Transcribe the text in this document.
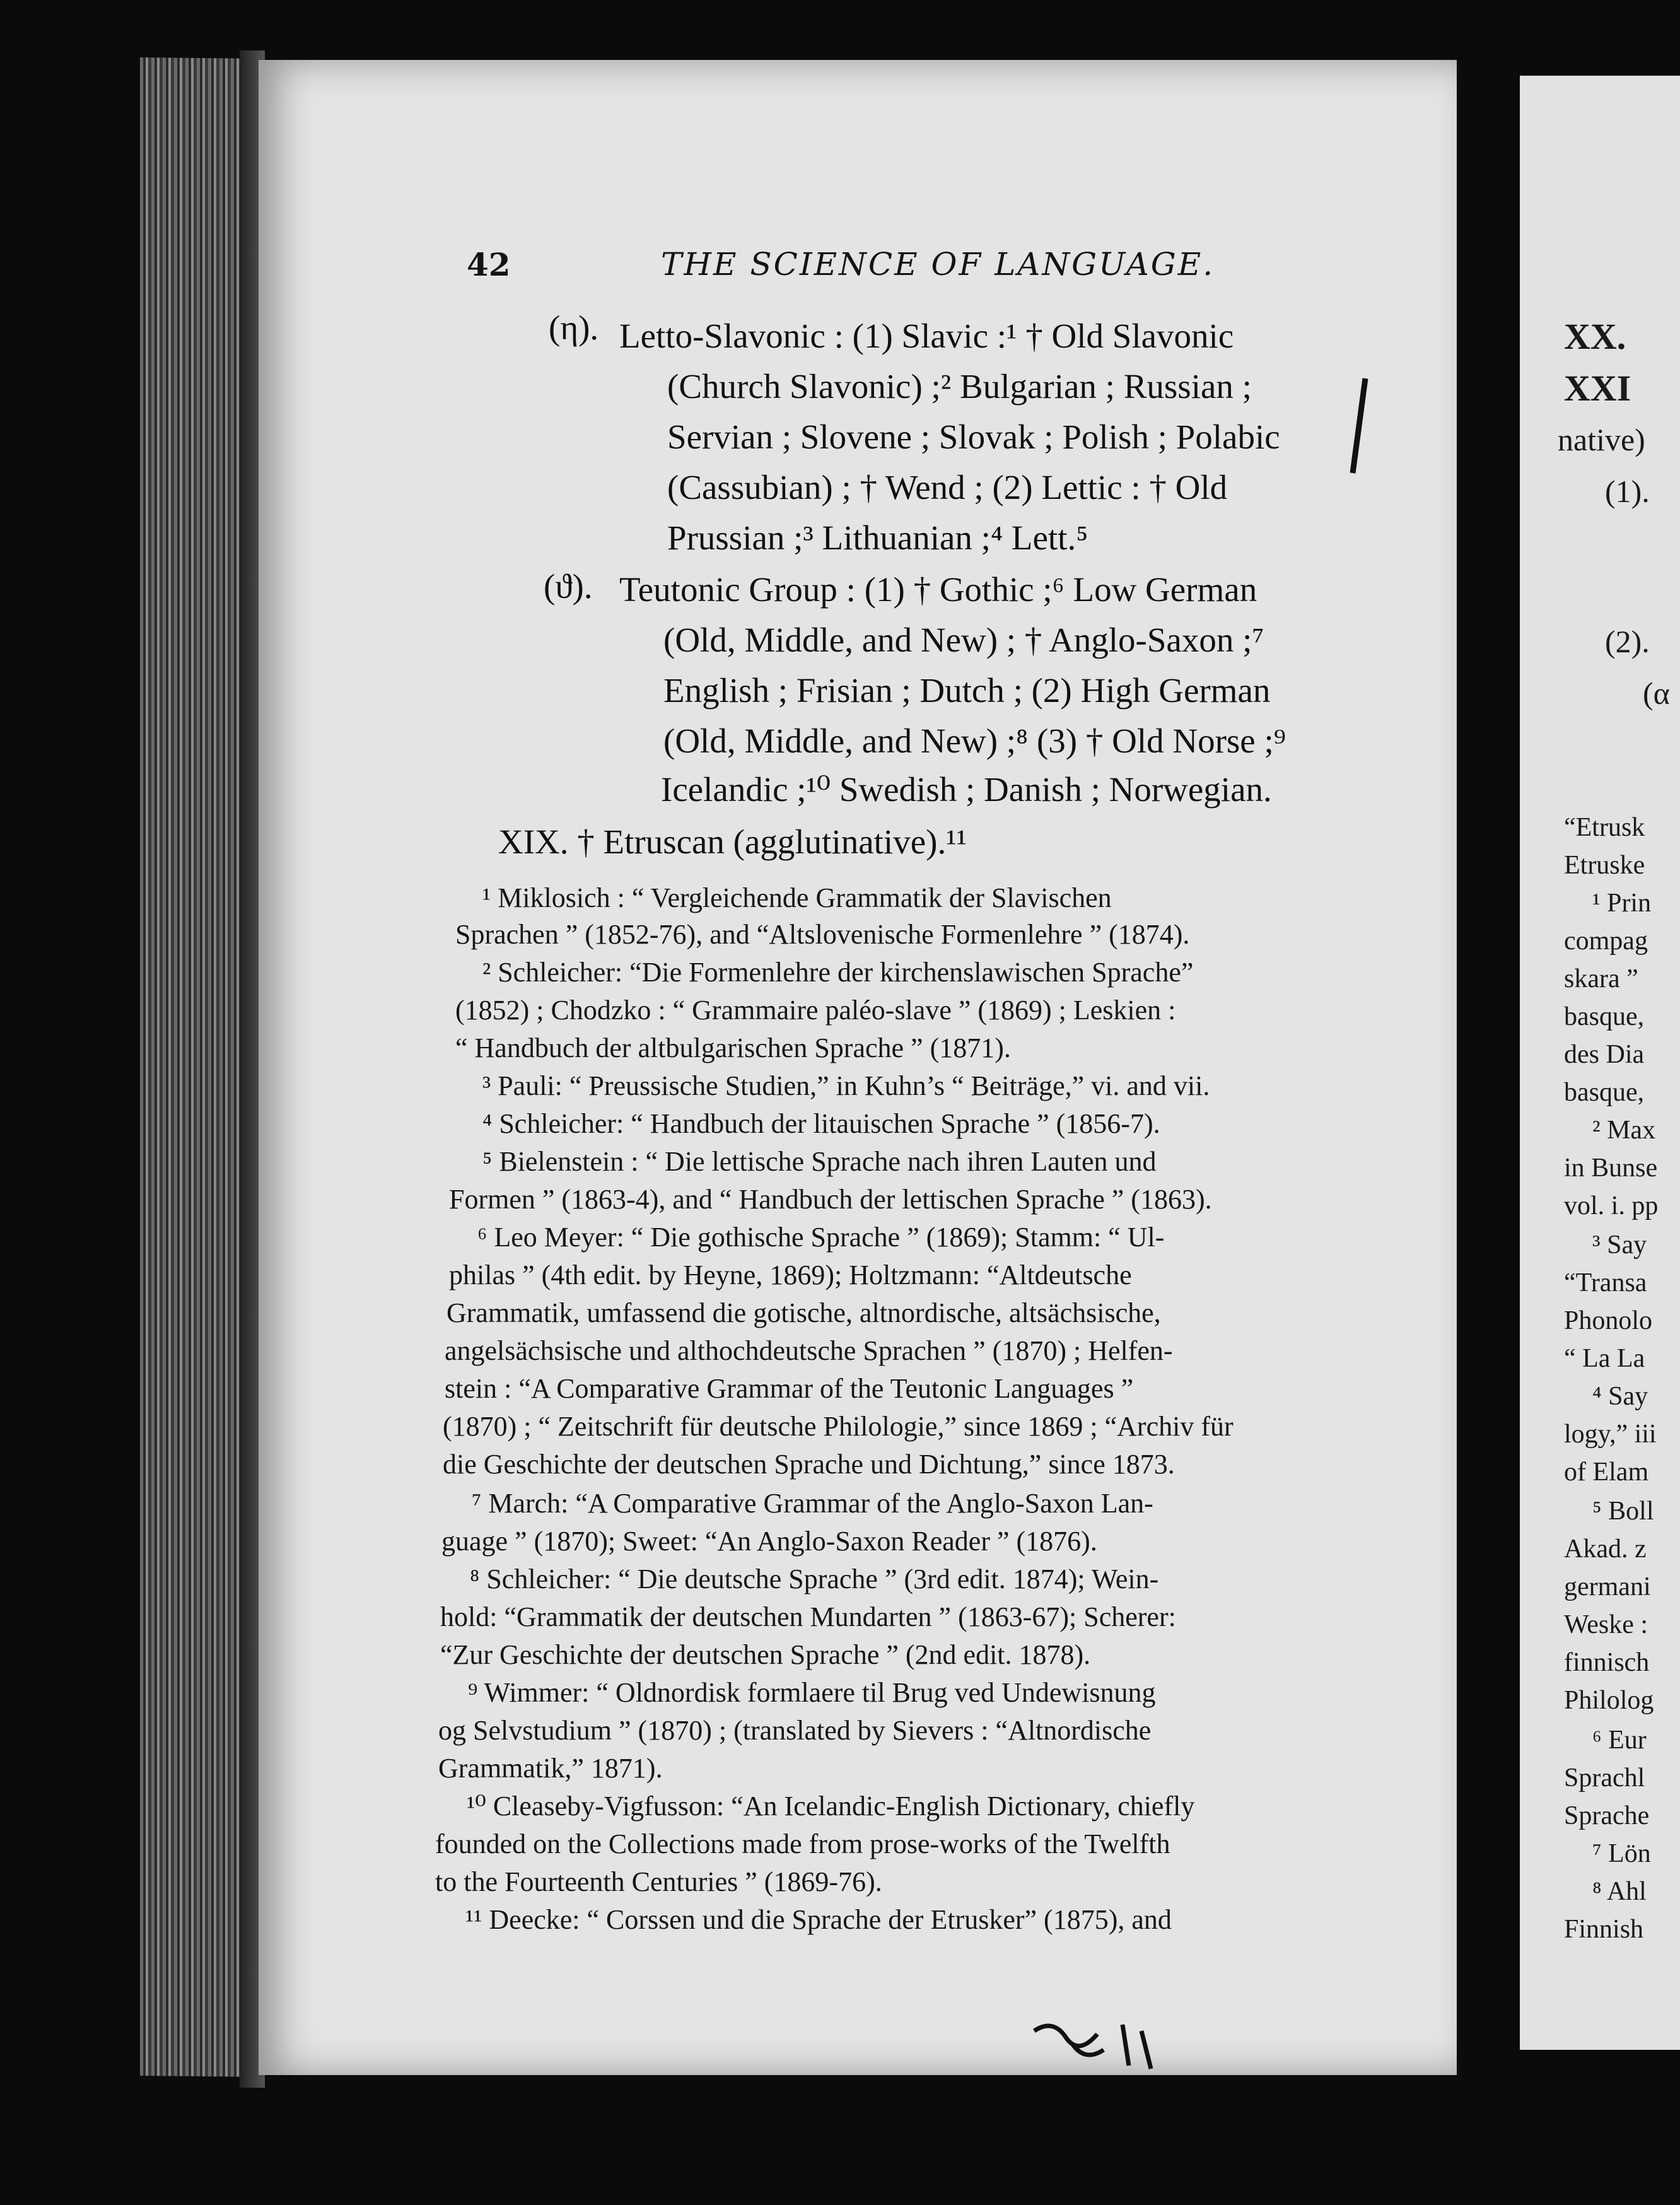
42	THE SCIENCE OF LANGUAGE.
(η). Letto-Slavonic : (1) Slavic :¹ † Old Slavonic
(Church Slavonic) ;² Bulgarian ; Russian ;
Servian ; Slovene ; Slovak ; Polish ; Polabic
(Cassubian) ; † Wend ; (2) Lettic : † Old
Prussian ;³ Lithuanian ;⁴ Lett.⁵
(ϑ). Teutonic Group : (1) † Gothic ;⁶ Low German
(Old, Middle, and New) ; † Anglo-Saxon ;⁷
English ; Frisian ; Dutch ; (2) High German
(Old, Middle, and New) ;⁸ (3) † Old Norse ;⁹
Icelandic ;¹⁰ Swedish ; Danish ; Norwegian.
XIX. † Etruscan (agglutinative).¹¹
¹ Miklosich : “ Vergleichende Grammatik der Slavischen
Sprachen ” (1852-76), and “Altslovenische Formenlehre ” (1874).
² Schleicher: “Die Formenlehre der kirchenslawischen Sprache”
(1852) ; Chodzko : “ Grammaire paléo-slave ” (1869) ; Leskien :
“ Handbuch der altbulgarischen Sprache ” (1871).
³ Pauli: “ Preussische Studien,” in Kuhn’s “ Beiträge,” vi. and vii.
⁴ Schleicher: “ Handbuch der litauischen Sprache ” (1856-7).
⁵ Bielenstein : “ Die lettische Sprache nach ihren Lauten und
Formen ” (1863-4), and “ Handbuch der lettischen Sprache ” (1863).
⁶ Leo Meyer: “ Die gothische Sprache ” (1869); Stamm: “ Ul-
philas ” (4th edit. by Heyne, 1869); Holtzmann: “Altdeutsche
Grammatik, umfassend die gotische, altnordische, altsächsische,
angelsächsische und althochdeutsche Sprachen ” (1870) ; Helfen-
stein : “A Comparative Grammar of the Teutonic Languages ”
(1870) ; “ Zeitschrift für deutsche Philologie,” since 1869 ; “Archiv für
die Geschichte der deutschen Sprache und Dichtung,” since 1873.
⁷ March: “A Comparative Grammar of the Anglo-Saxon Lan-
guage ” (1870); Sweet: “An Anglo-Saxon Reader ” (1876).
⁸ Schleicher: “ Die deutsche Sprache ” (3rd edit. 1874); Wein-
hold: “Grammatik der deutschen Mundarten ” (1863-67); Scherer:
“Zur Geschichte der deutschen Sprache ” (2nd edit. 1878).
⁹ Wimmer: “ Oldnordisk formlaere til Brug ved Undewisnung
og Selvstudium ” (1870) ; (translated by Sievers : “Altnordische
Grammatik,” 1871).
¹⁰ Cleaseby-Vigfusson: “An Icelandic-English Dictionary, chiefly
founded on the Collections made from prose-works of the Twelfth
to the Fourteenth Centuries ” (1869-76).
¹¹ Deecke: “ Corssen und die Sprache der Etrusker” (1875), and
XX.
XXI
native)
(1).
(2).
(α
“Etrusk
Etruske
¹ Prin
compag
skara ”
basque,
des Dia
basque,
² Max
in Bunse
vol. i. pp
³ Say
“Transa
Phonolo
“ La La
⁴ Say
logy,” iii
of Elam
⁵ Boll
Akad. z
germani
Weske :
finnisch
Philolog
⁶ Eur
Sprachl
Sprache
⁷ Lön
⁸ Ahl
Finnish
